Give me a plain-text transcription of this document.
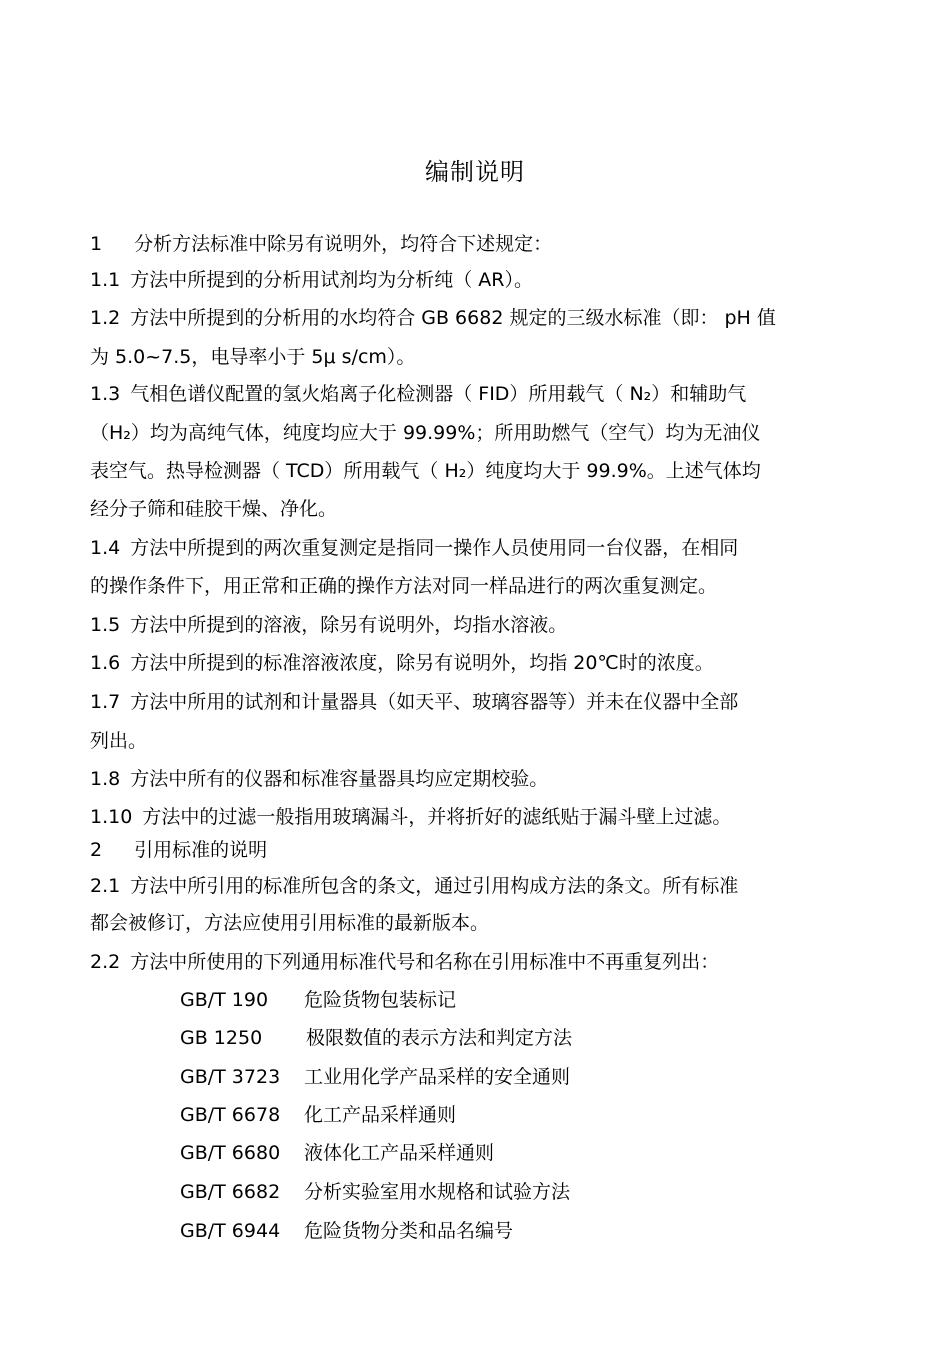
编制说明
1 分析方法标准中除另有说明外，均符合下述规定：
1.1 方法中所提到的分析用试剂均为分析纯（ AR）。
1.2 方法中所提到的分析用的水均符合 GB 6682 规定的三级水标准（即： pH 值
为 5.0~7.5，电导率小于 5μ s/cm）。
1.3 气相色谱仪配置的氢火焰离子化检测器（ FID）所用载气（ N₂）和辅助气
（H₂）均为高纯气体，纯度均应大于 99.99%；所用助燃气（空气）均为无油仪
表空气。热导检测器（ TCD）所用载气（ H₂）纯度均大于 99.9%。上述气体均
经分子筛和硅胶干燥、净化。
1.4 方法中所提到的两次重复测定是指同一操作人员使用同一台仪器，在相同
的操作条件下，用正常和正确的操作方法对同一样品进行的两次重复测定。
1.5 方法中所提到的溶液，除另有说明外，均指水溶液。
1.6 方法中所提到的标准溶液浓度，除另有说明外，均指 20℃时的浓度。
1.7 方法中所用的试剂和计量器具（如天平、玻璃容器等）并未在仪器中全部
列出。
1.8 方法中所有的仪器和标准容量器具均应定期校验。
1.10 方法中的过滤一般指用玻璃漏斗，并将折好的滤纸贴于漏斗壁上过滤。
2 引用标准的说明
2.1 方法中所引用的标准所包含的条文，通过引用构成方法的条文。所有标准
都会被修订，方法应使用引用标准的最新版本。
2.2 方法中所使用的下列通用标准代号和名称在引用标准中不再重复列出：
GB/T 190 危险货物包装标记
GB 1250 极限数值的表示方法和判定方法
GB/T 3723 工业用化学产品采样的安全通则
GB/T 6678 化工产品采样通则
GB/T 6680 液体化工产品采样通则
GB/T 6682 分析实验室用水规格和试验方法
GB/T 6944 危险货物分类和品名编号
